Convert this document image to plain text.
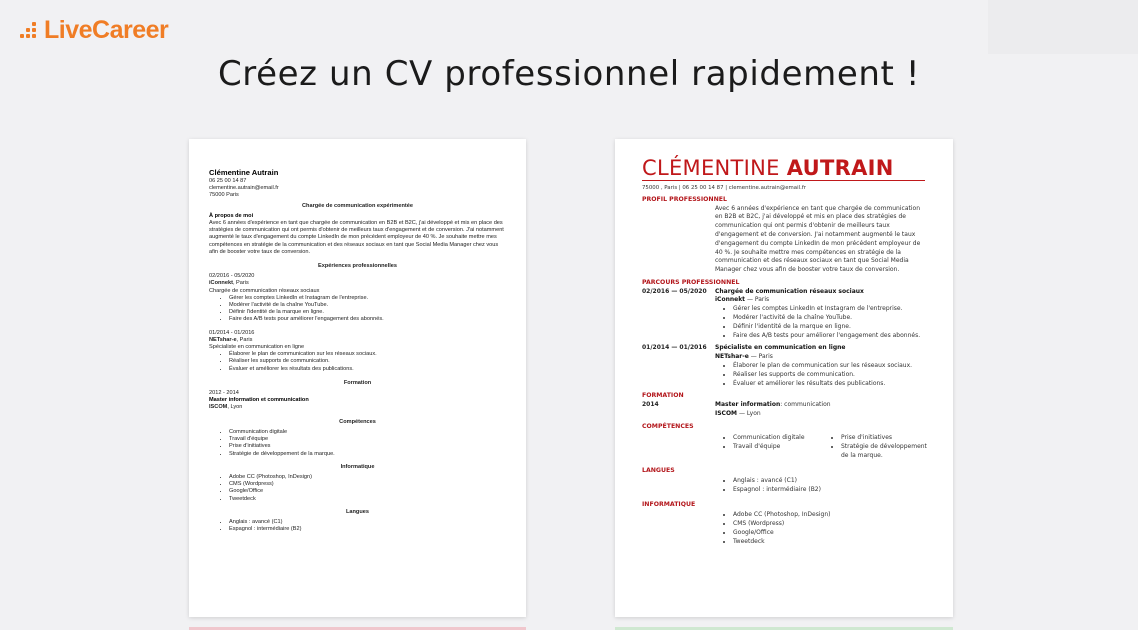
LiveCareer
Créez un CV professionnel rapidement !
Clémentine Autrain
06 25 00 14 87
clementine.autrain@email.fr
75000 Paris
Chargée de communication expérimentée
À propos de moi
Avec 6 années d'expérience en tant que chargée de communication en B2B et B2C, j'ai développé et mis en place des stratégies de communication qui ont permis d'obtenir de meilleurs taux d'engagement et de conversion. J'ai notamment augmenté le taux d'engagement du compte LinkedIn de mon précédent employeur de 40 %. Je souhaite mettre mes compétences en stratégie de la communication et des réseaux sociaux en tant que Social Media Manager chez vous afin de booster votre taux de conversion.
Expériences professionnelles
02/2016 - 05/2020
iConnekt, Paris
Chargée de communication réseaux sociaux
• Gérer les comptes LinkedIn et Instagram de l'entreprise.
• Modérer l'activité de la chaîne YouTube.
• Définir l'identité de la marque en ligne.
• Faire des A/B tests pour améliorer l'engagement des abonnés.
01/2014 - 01/2016
NETshar-e, Paris
Spécialiste en communication en ligne
• Élaborer le plan de communication sur les réseaux sociaux.
• Réaliser les supports de communication.
• Évaluer et améliorer les résultats des publications.
Formation
2012 - 2014
Master information et communication
ISCOM, Lyon
Compétences
• Communication digitale
• Travail d'équipe
• Prise d'initiatives
• Stratégie de développement de la marque.
Informatique
• Adobe CC (Photoshop, InDesign)
• CMS (Wordpress)
• Google/Office
• Tweetdeck
Langues
• Anglais : avancé (C1)
• Espagnol : intermédiaire (B2)
CLÉMENTINE AUTRAIN
75000 , Paris | 06 25 00 14 87 | clementine.autrain@email.fr
PROFIL PROFESSIONNEL
Avec 6 années d'expérience en tant que chargée de communication en B2B et B2C, j'ai développé et mis en place des stratégies de communication qui ont permis d'obtenir de meilleurs taux d'engagement et de conversion. J'ai notamment augmenté le taux d'engagement du compte LinkedIn de mon précédent employeur de 40 %. Je souhaite mettre mes compétences en stratégie de la communication et des réseaux sociaux en tant que Social Media Manager chez vous afin de booster votre taux de conversion.
PARCOURS PROFESSIONNEL
02/2016 — 05/2020	Chargée de communication réseaux sociaux
iConnekt — Paris
• Gérer les comptes LinkedIn et Instagram de l'entreprise.
• Modérer l'activité de la chaîne YouTube.
• Définir l'identité de la marque en ligne.
• Faire des A/B tests pour améliorer l'engagement des abonnés.
01/2014 — 01/2016	Spécialiste en communication en ligne
NETshar-e — Paris
• Élaborer le plan de communication sur les réseaux sociaux.
• Réaliser les supports de communication.
• Évaluer et améliorer les résultats des publications.
FORMATION
2014	Master information: communication
ISCOM — Lyon
COMPÉTENCES
• Communication digitale
• Travail d'équipe
• Prise d'initiatives
• Stratégie de développement de la marque.
LANGUES
• Anglais : avancé (C1)
• Espagnol : intermédiaire (B2)
INFORMATIQUE
• Adobe CC (Photoshop, InDesign)
• CMS (Wordpress)
• Google/Office
• Tweetdeck
